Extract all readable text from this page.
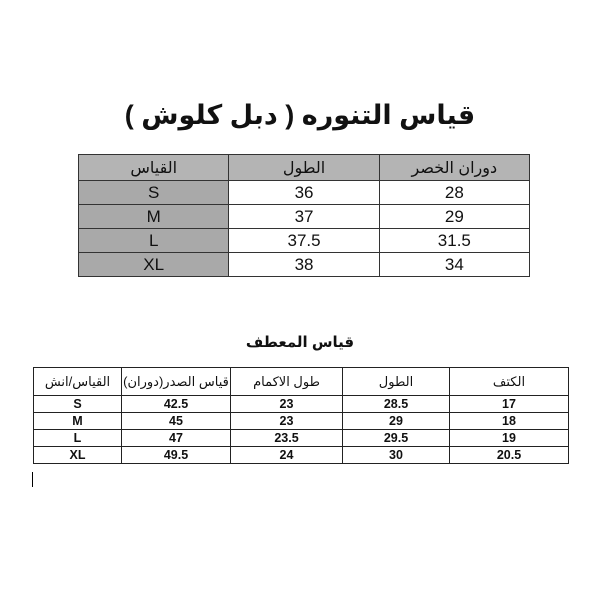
قياس التنوره ( دبل كلوش )
دوران الخصر	الطول	القياس
28	36	S
29	37	M
31.5	37.5	L
34	38	XL
قياس المعطف
الكتف	الطول	طول الاكمام	قياس الصدر(دوران)	القياس/انش
17	28.5	23	42.5	S
18	29	23	45	M
19	29.5	23.5	47	L
20.5	30	24	49.5	XL
